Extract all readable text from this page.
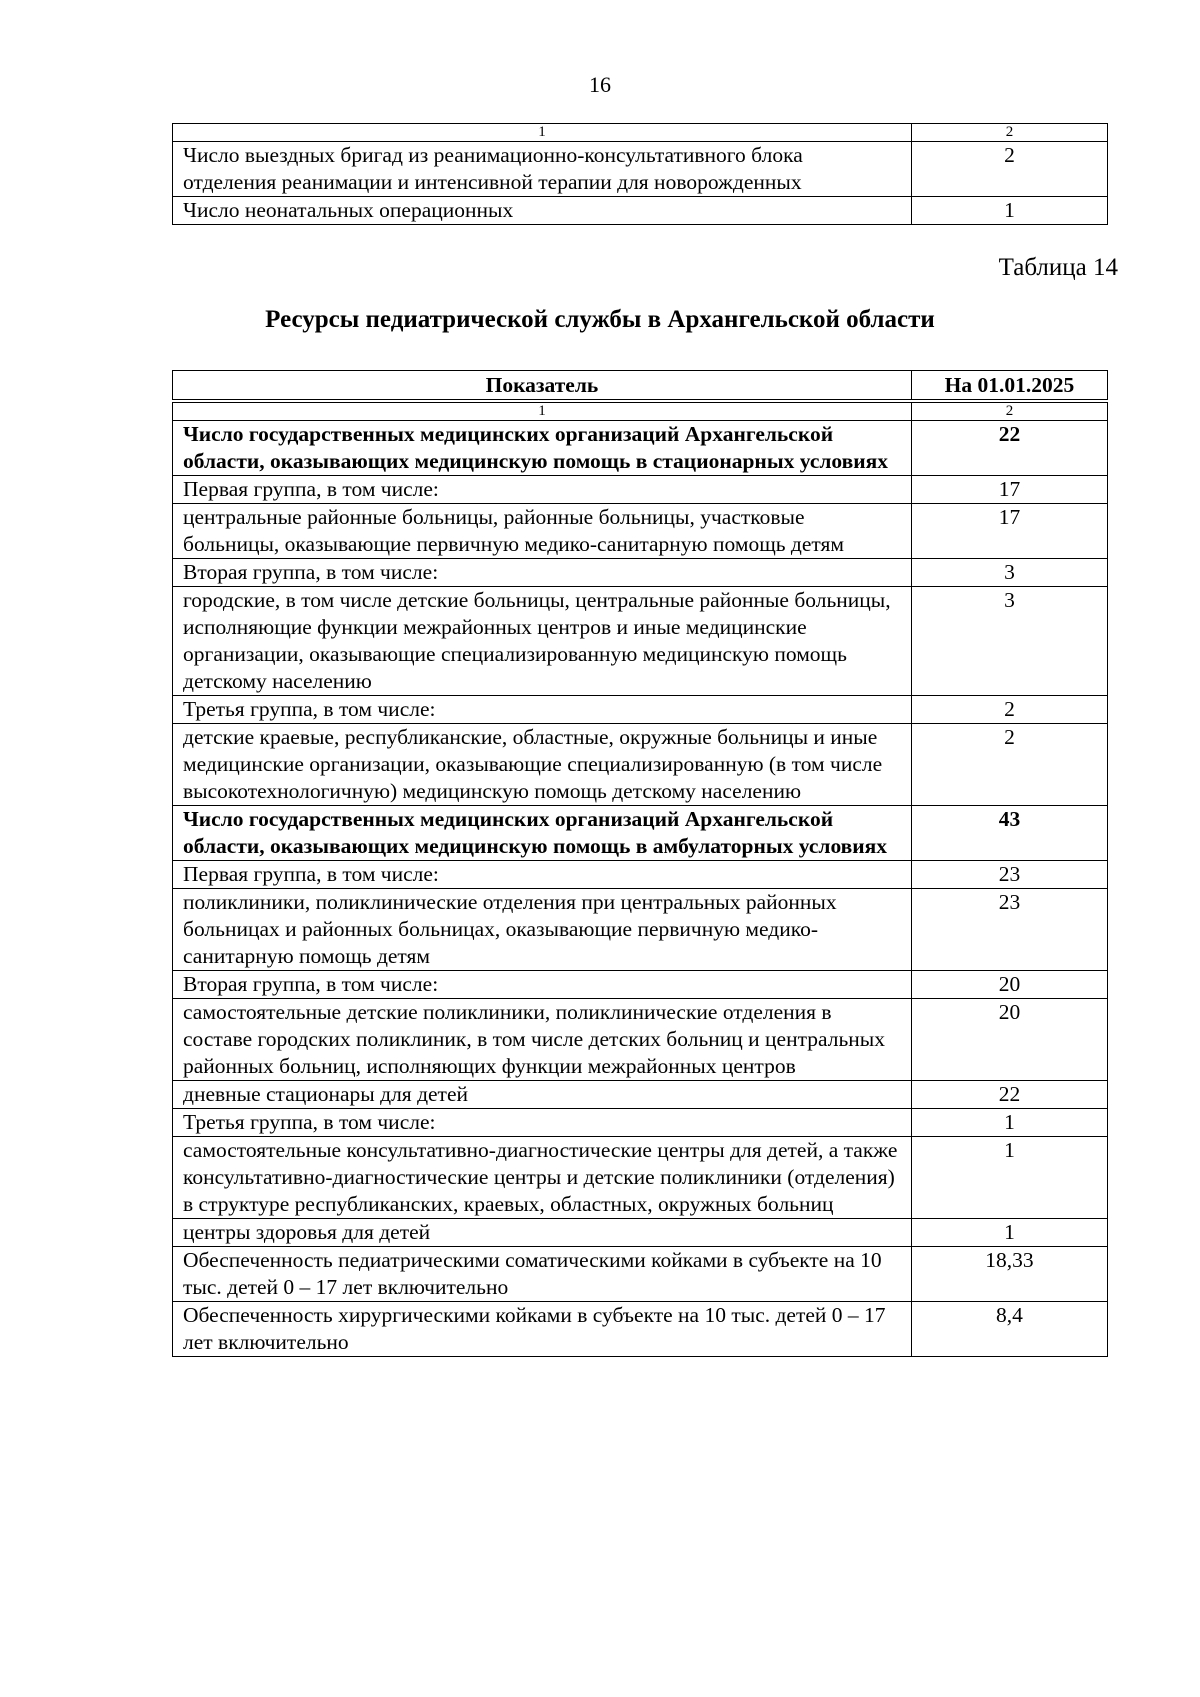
16
1	2
Число выездных бригад из реанимационно-консультативного блока отделения реанимации и интенсивной терапии для новорожденных	2
Число неонатальных операционных	1
Таблица 14
Ресурсы педиатрической службы в Архангельской области
Показатель	На 01.01.2025
1	2
Число государственных медицинских организаций Архангельской области, оказывающих медицинскую помощь в стационарных условиях	22
Первая группа, в том числе:	17
центральные районные больницы, районные больницы, участковые больницы, оказывающие первичную медико-санитарную помощь детям	17
Вторая группа, в том числе:	3
городские, в том числе детские больницы, центральные районные больницы, исполняющие функции межрайонных центров и иные медицинские организации, оказывающие специализированную медицинскую помощь детскому населению	3
Третья группа, в том числе:	2
детские краевые, республиканские, областные, окружные больницы и иные медицинские организации, оказывающие специализированную (в том числе высокотехнологичную) медицинскую помощь детскому населению	2
Число государственных медицинских организаций Архангельской области, оказывающих медицинскую помощь в амбулаторных условиях	43
Первая группа, в том числе:	23
поликлиники, поликлинические отделения при центральных районных больницах и районных больницах, оказывающие первичную медико-санитарную помощь детям	23
Вторая группа, в том числе:	20
самостоятельные детские поликлиники, поликлинические отделения в составе городских поликлиник, в том числе детских больниц и центральных районных больниц, исполняющих функции межрайонных центров	20
дневные стационары для детей	22
Третья группа, в том числе:	1
самостоятельные консультативно-диагностические центры для детей, а также консультативно-диагностические центры и детские поликлиники (отделения) в структуре республиканских, краевых, областных, окружных больниц	1
центры здоровья для детей	1
Обеспеченность педиатрическими соматическими койками в субъекте на 10 тыс. детей 0 – 17 лет включительно	18,33
Обеспеченность хирургическими койками в субъекте на 10 тыс. детей 0 – 17 лет включительно	8,4
